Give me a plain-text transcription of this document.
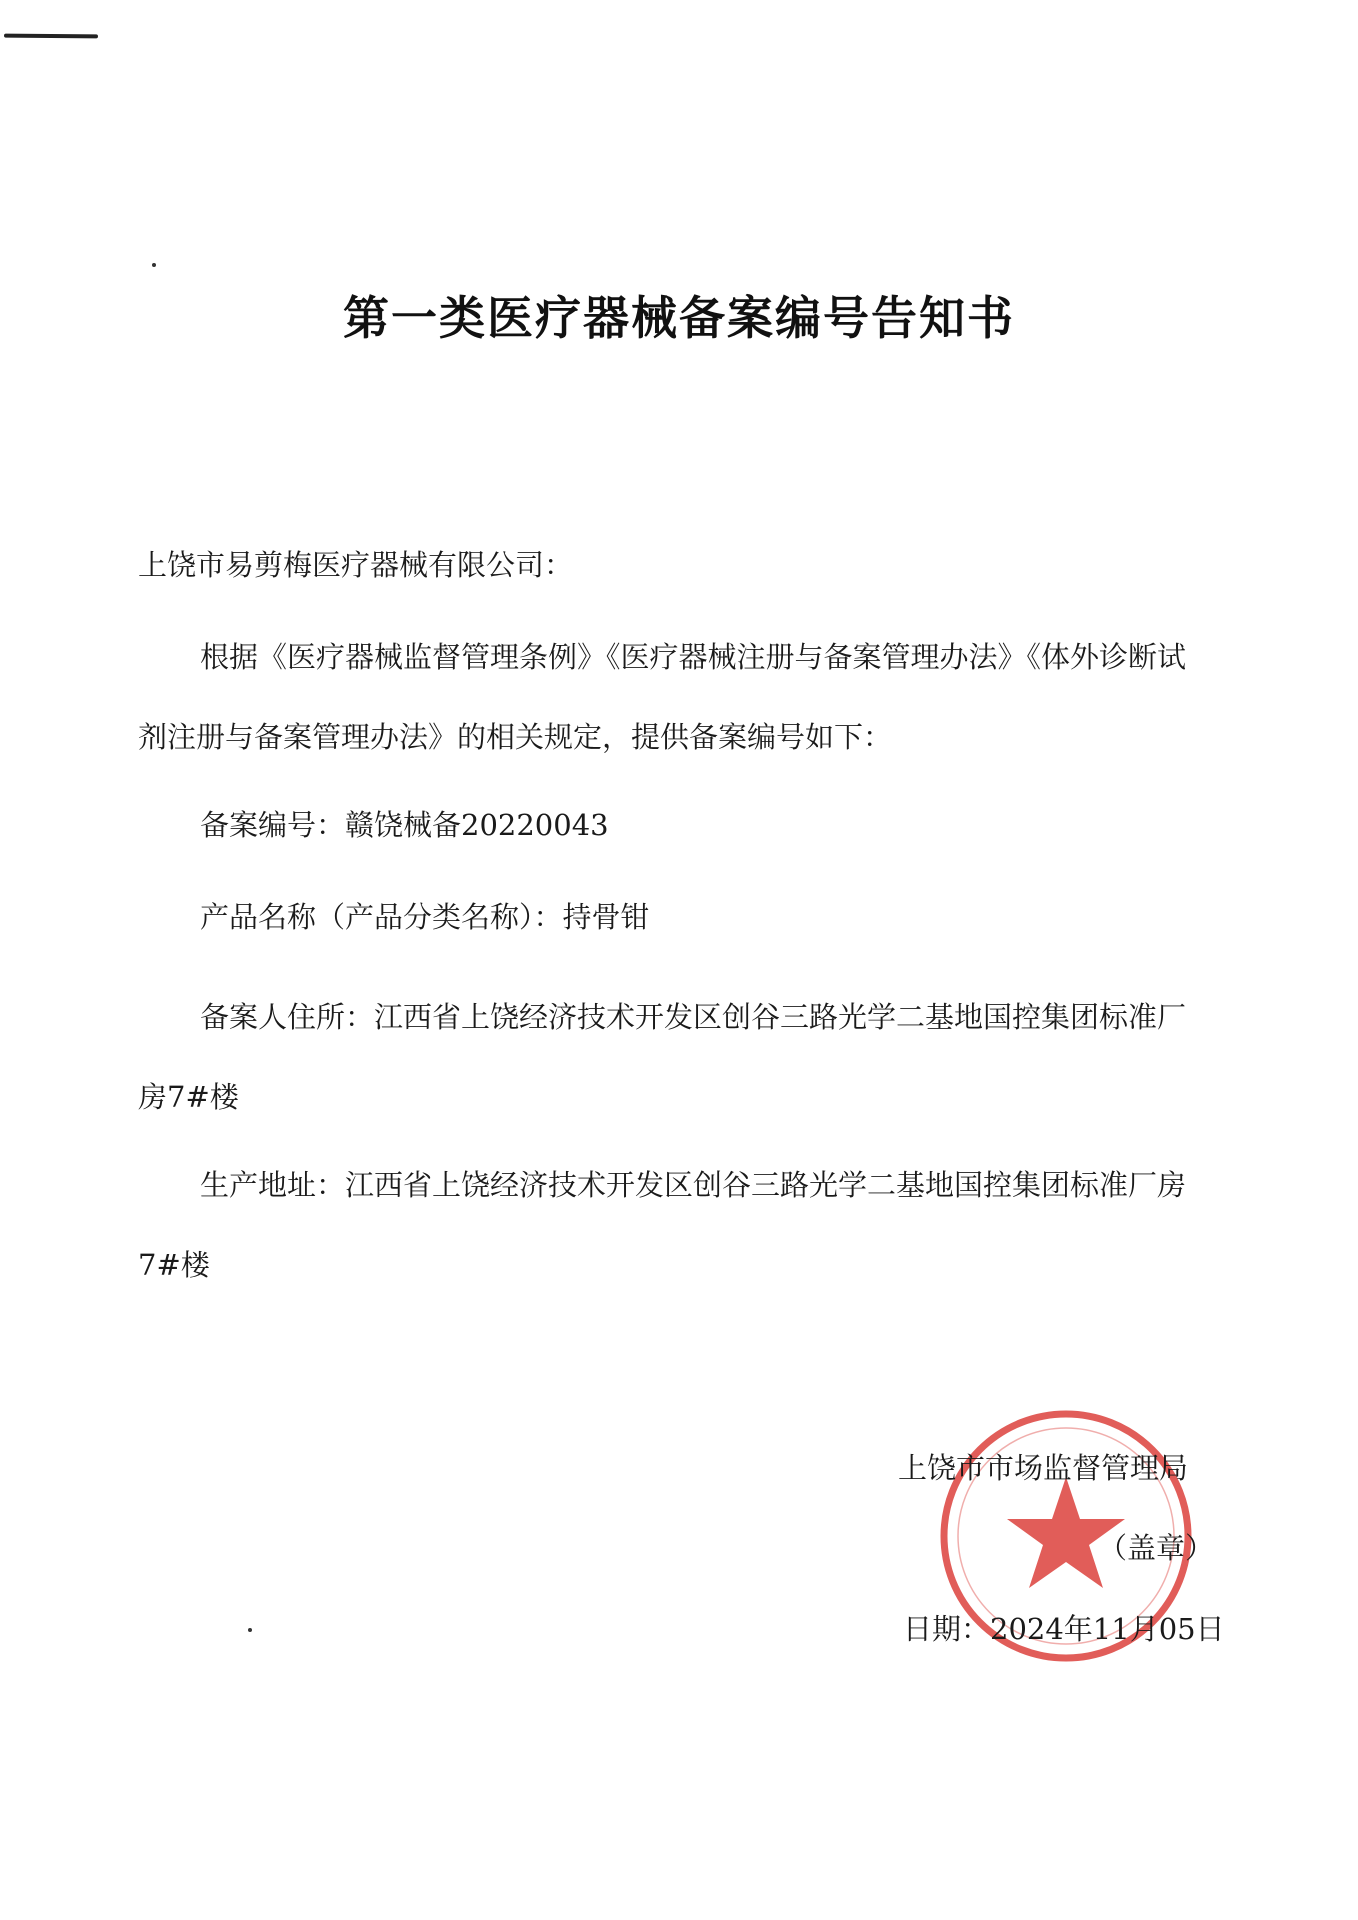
第一类医疗器械备案编号告知书

上饶市易剪梅医疗器械有限公司：

根据《医疗器械监督管理条例》《医疗器械注册与备案管理办法》《体外诊断试剂注册与备案管理办法》的相关规定，提供备案编号如下：

备案编号：赣饶械备20220043

产品名称（产品分类名称）：持骨钳

备案人住所：江西省上饶经济技术开发区创谷三路光学二基地国控集团标准厂房7#楼

生产地址：江西省上饶经济技术开发区创谷三路光学二基地国控集团标准厂房7#楼

上饶市市场监督管理局
（盖章）
日期：2024年11月05日
